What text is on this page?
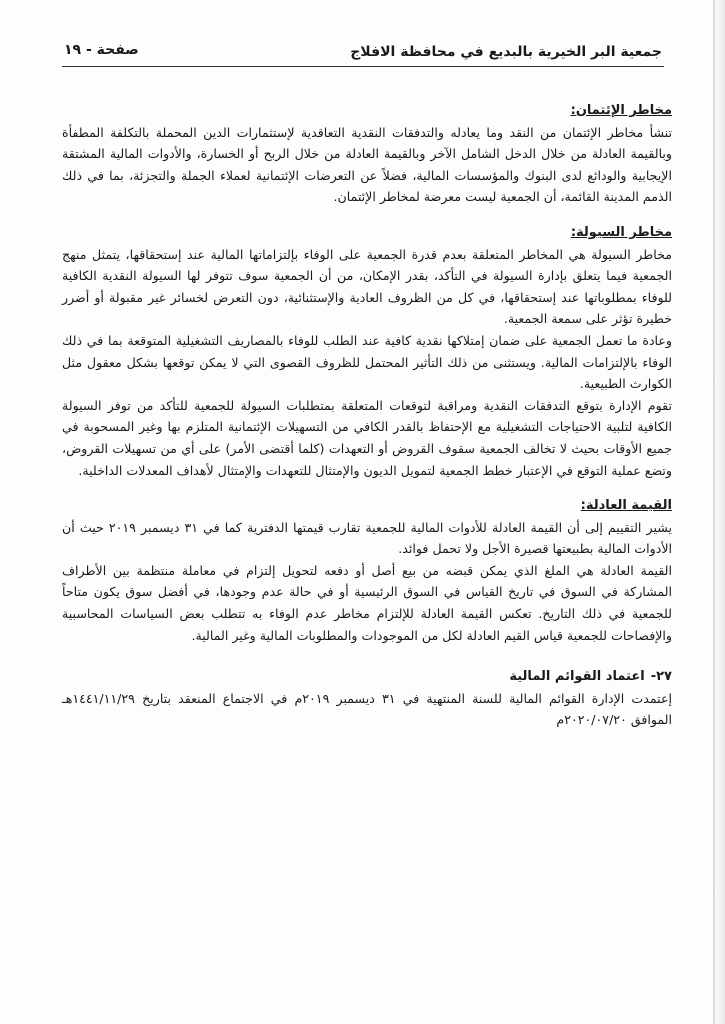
جمعية البر الخيرية بالبديع في محافظة الافلاج
صفحة - ١٩

مخاطر الإئتمان:

تنشأ مخاطر الإئتمان من النقد وما يعادله والتدفقات النقدية التعاقدية لإستثمارات الدين المحملة بالتكلفة المطفأة وبالقيمة العادلة من خلال الدخل الشامل الآخر وبالقيمة العادلة من خلال الربح أو الخسارة، والأدوات المالية المشتقة الإيجابية والودائع لدى البنوك والمؤسسات المالية، فضلاً عن التعرضات الإئتمانية لعملاء الجملة والتجزئة، بما في ذلك الذمم المدينة القائمة، أن الجمعية ليست معرضة لمخاطر الإئتمان.

مخاطر السيولة:

مخاطر السيولة هي المخاطر المتعلقة بعدم قدرة الجمعية على الوفاء بإلتزاماتها المالية عند إستحقاقها، يتمثل منهج الجمعية فيما يتعلق بإدارة السيولة في التأكد، بقدر الإمكان، من أن الجمعية سوف تتوفر لها السيولة النقدية الكافية للوفاء بمطلوباتها عند إستحقاقها، في كل من الظروف العادية والإستثنائية، دون التعرض لخسائر غير مقبولة أو أضرر خطيرة تؤثر على سمعة الجمعية.

وعادة ما تعمل الجمعية على ضمان إمتلاكها نقدية كافية عند الطلب للوفاء بالمصاريف التشغيلية المتوقعة بما في ذلك الوفاء بالإلتزامات المالية. ويستثنى من ذلك التأثير المحتمل للظروف القصوى التي لا يمكن توقعها بشكل معقول مثل الكوارث الطبيعية.

تقوم الإدارة بتوقع التدفقات النقدية ومراقبة لتوقعات المتعلقة بمتطلبات السيولة للجمعية للتأكد من توفر السيولة الكافية لتلبية الاحتياجات التشغيلية مع الإحتفاظ بالقدر الكافي من التسهيلات الإئتمانية المتلزم بها وغير المسحوبة في جميع الأوقات بحيث لا تخالف الجمعية سقوف القروض أو التعهدات (كلما أقتضى الأمر) على أي من تسهيلات القروض، وتضع عملية التوقع في الإعتبار خطط الجمعية لتمويل الديون والإمتثال للتعهدات والإمتثال لأهداف المعدلات الداخلية.

القيمة العادلة:

يشير التقييم إلى أن القيمة العادلة للأدوات المالية للجمعية تقارب قيمتها الدفترية كما في ٣١ ديسمبر ٢٠١٩ حيث أن الأدوات المالية بطبيعتها قصيرة الأجل ولا تحمل فوائد.

القيمة العادلة هي الملغ الذي يمكن قبضه من بيع أصل أو دفعه لتحويل إلتزام في معاملة منتظمة بين الأطراف المشاركة في السوق في تاريخ القياس في السوق الرئيسية أو في حالة عدم وجودها، في أفضل سوق يكون متاحاً للجمعية في ذلك التاريخ. تعكس القيمة العادلة للإلتزام مخاطر عدم الوفاء به تتطلب بعض السياسات المحاسبية والإفصاحات للجمعية قياس القيم العادلة لكل من الموجودات والمطلوبات المالية وغير المالية.

٢٧-اعتماد القوائم المالية

إعتمدت الإدارة القوائم المالية للسنة المنتهية في ٣١ ديسمبر ٢٠١٩م في الاجتماع المنعقد بتاريخ ١٤٤١/١١/٢٩هـ الموافق ٢٠٢٠/٠٧/٢٠م
